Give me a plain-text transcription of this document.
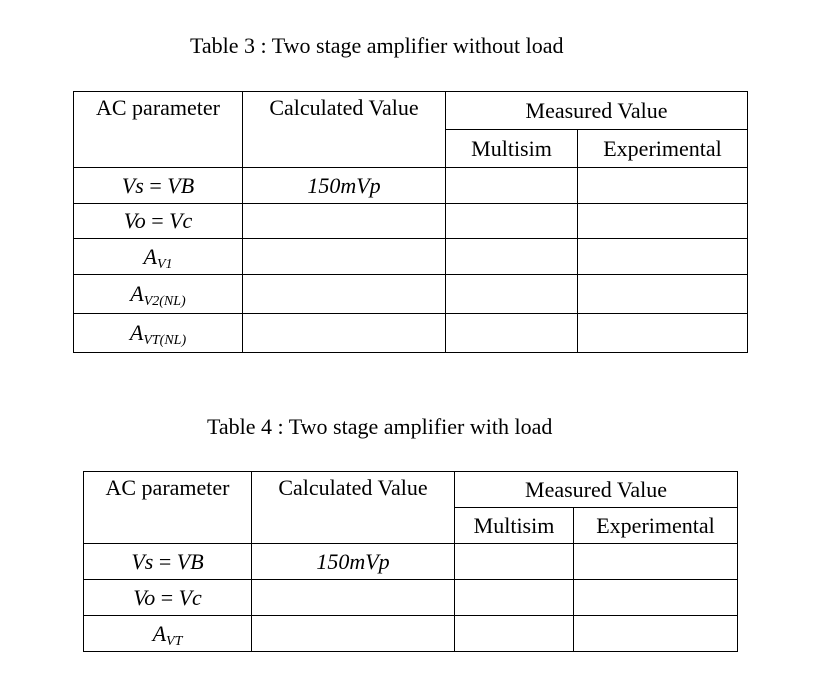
Table 3 : Two stage amplifier without load
AC parameter	Calculated Value	Measured Value	
		Multisim	Experimental
Vs = VB	150mVp		
Vo = Vc			
$A_{V1}$			
$A_{V2(NL)}$			
$A_{VT(NL)}$			
Table 4 : Two stage amplifier with load
AC parameter	Calculated Value	Measured Value	
		Multisim	Experimental
Vs = VB	150mVp		
Vo = Vc			
$A_{VT}$			
